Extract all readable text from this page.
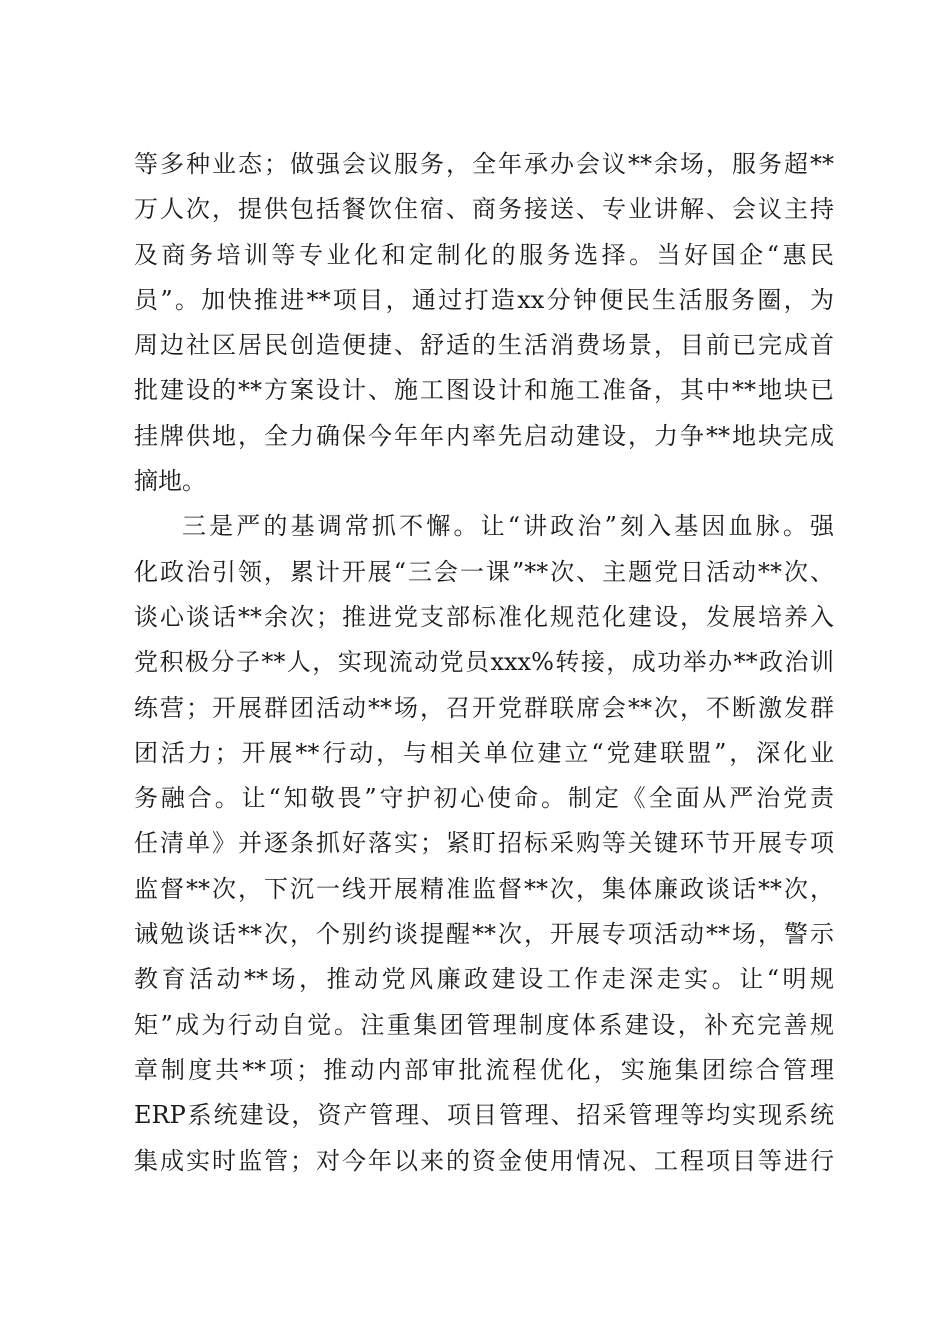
等多种业态；做强会议服务，全年承办会议**余场，服务超**
万人次，提供包括餐饮住宿、商务接送、专业讲解、会议主持
及商务培训等专业化和定制化的服务选择。当好国企“惠民
员”。加快推进**项目，通过打造xx分钟便民生活服务圈，为
周边社区居民创造便捷、舒适的生活消费场景，目前已完成首
批建设的**方案设计、施工图设计和施工准备，其中**地块已
挂牌供地，全力确保今年年内率先启动建设，力争**地块完成
摘地。
三是严的基调常抓不懈。让“讲政治”刻入基因血脉。强
化政治引领，累计开展“三会一课”**次、主题党日活动**次、
谈心谈话**余次；推进党支部标准化规范化建设，发展培养入
党积极分子**人，实现流动党员xxx%转接，成功举办**政治训
练营；开展群团活动**场，召开党群联席会**次，不断激发群
团活力；开展**行动，与相关单位建立“党建联盟”，深化业
务融合。让“知敬畏”守护初心使命。制定《全面从严治党责
任清单》并逐条抓好落实；紧盯招标采购等关键环节开展专项
监督**次，下沉一线开展精准监督**次，集体廉政谈话**次，
诫勉谈话**次，个别约谈提醒**次，开展专项活动**场，警示
教育活动**场，推动党风廉政建设工作走深走实。让“明规
矩”成为行动自觉。注重集团管理制度体系建设，补充完善规
章制度共**项；推动内部审批流程优化，实施集团综合管理
ERP系统建设，资产管理、项目管理、招采管理等均实现系统
集成实时监管；对今年以来的资金使用情况、工程项目等进行
